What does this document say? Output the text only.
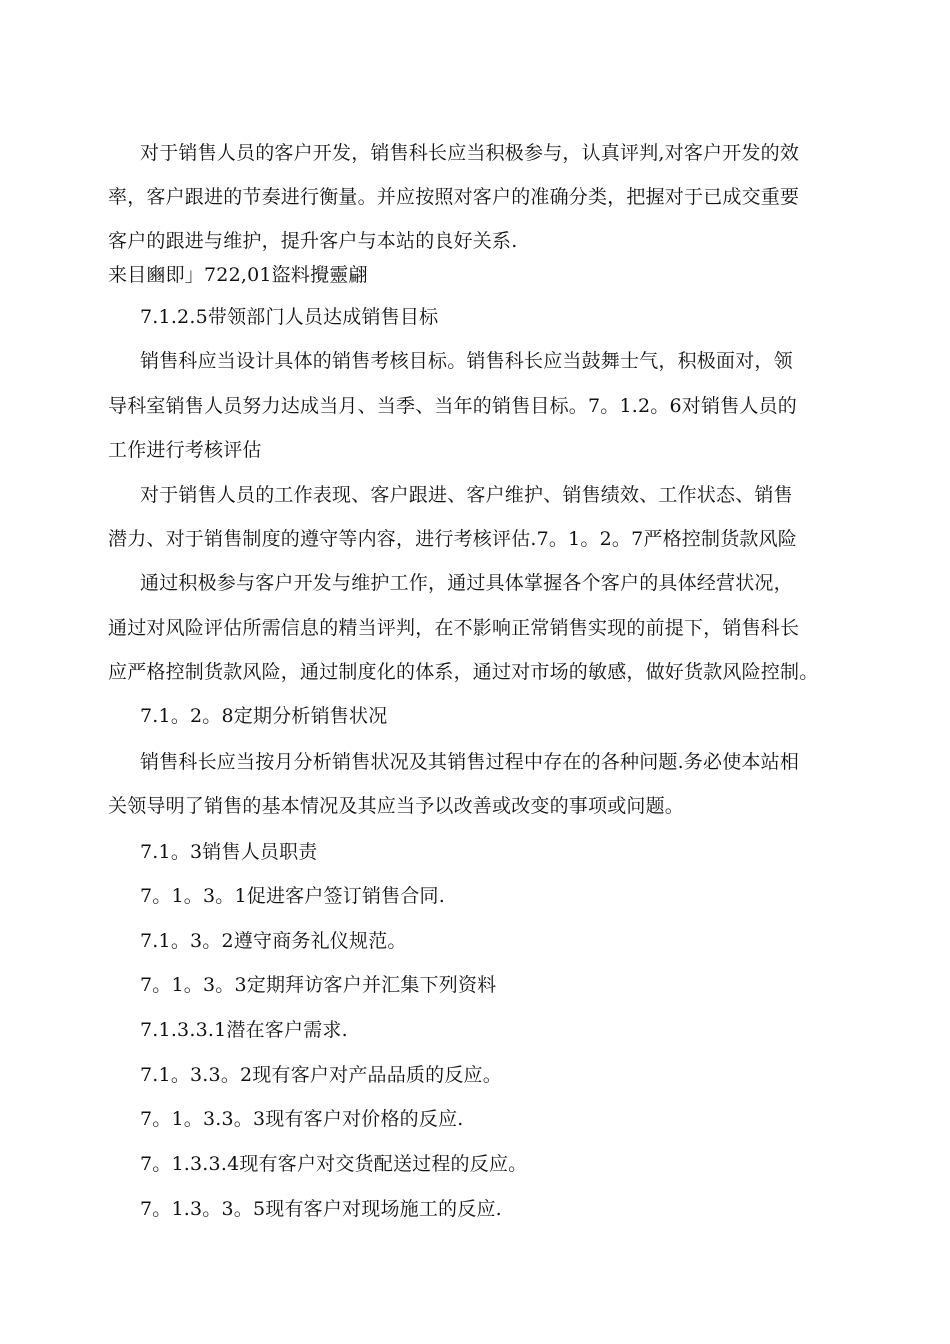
对于销售人员的客户开发，销售科长应当积极参与，认真评判,对客户开发的效
率，客户跟进的节奏进行衡量。并应按照对客户的准确分类，把握对于已成交重要
客户的跟进与维护，提升客户与本站的良好关系.
来目豳即」722,01盜料攪靈翩
7.1.2.5带领部门人员达成销售目标
销售科应当设计具体的销售考核目标。销售科长应当鼓舞士气，积极面对，领
导科室销售人员努力达成当月、当季、当年的销售目标。7。1.2。6对销售人员的
工作进行考核评估
对于销售人员的工作表现、客户跟进、客户维护、销售绩效、工作状态、销售
潜力、对于销售制度的遵守等内容，进行考核评估.7。1。2。7严格控制货款风险
通过积极参与客户开发与维护工作，通过具体掌握各个客户的具体经营状况，
通过对风险评估所需信息的精当评判，在不影响正常销售实现的前提下，销售科长
应严格控制货款风险，通过制度化的体系，通过对市场的敏感，做好货款风险控制。
7.1。2。8定期分析销售状况
销售科长应当按月分析销售状况及其销售过程中存在的各种问题.务必使本站相
关领导明了销售的基本情况及其应当予以改善或改变的事项或问题。
7.1。3销售人员职责
7。1。3。1促进客户签订销售合同.
7.1。3。2遵守商务礼仪规范。
7。1。3。3定期拜访客户并汇集下列资料
7.1.3.3.1潜在客户需求.
7.1。3.3。2现有客户对产品品质的反应。
7。1。3.3。3现有客户对价格的反应.
7。1.3.3.4现有客户对交货配送过程的反应。
7。1.3。3。5现有客户对现场施工的反应.
